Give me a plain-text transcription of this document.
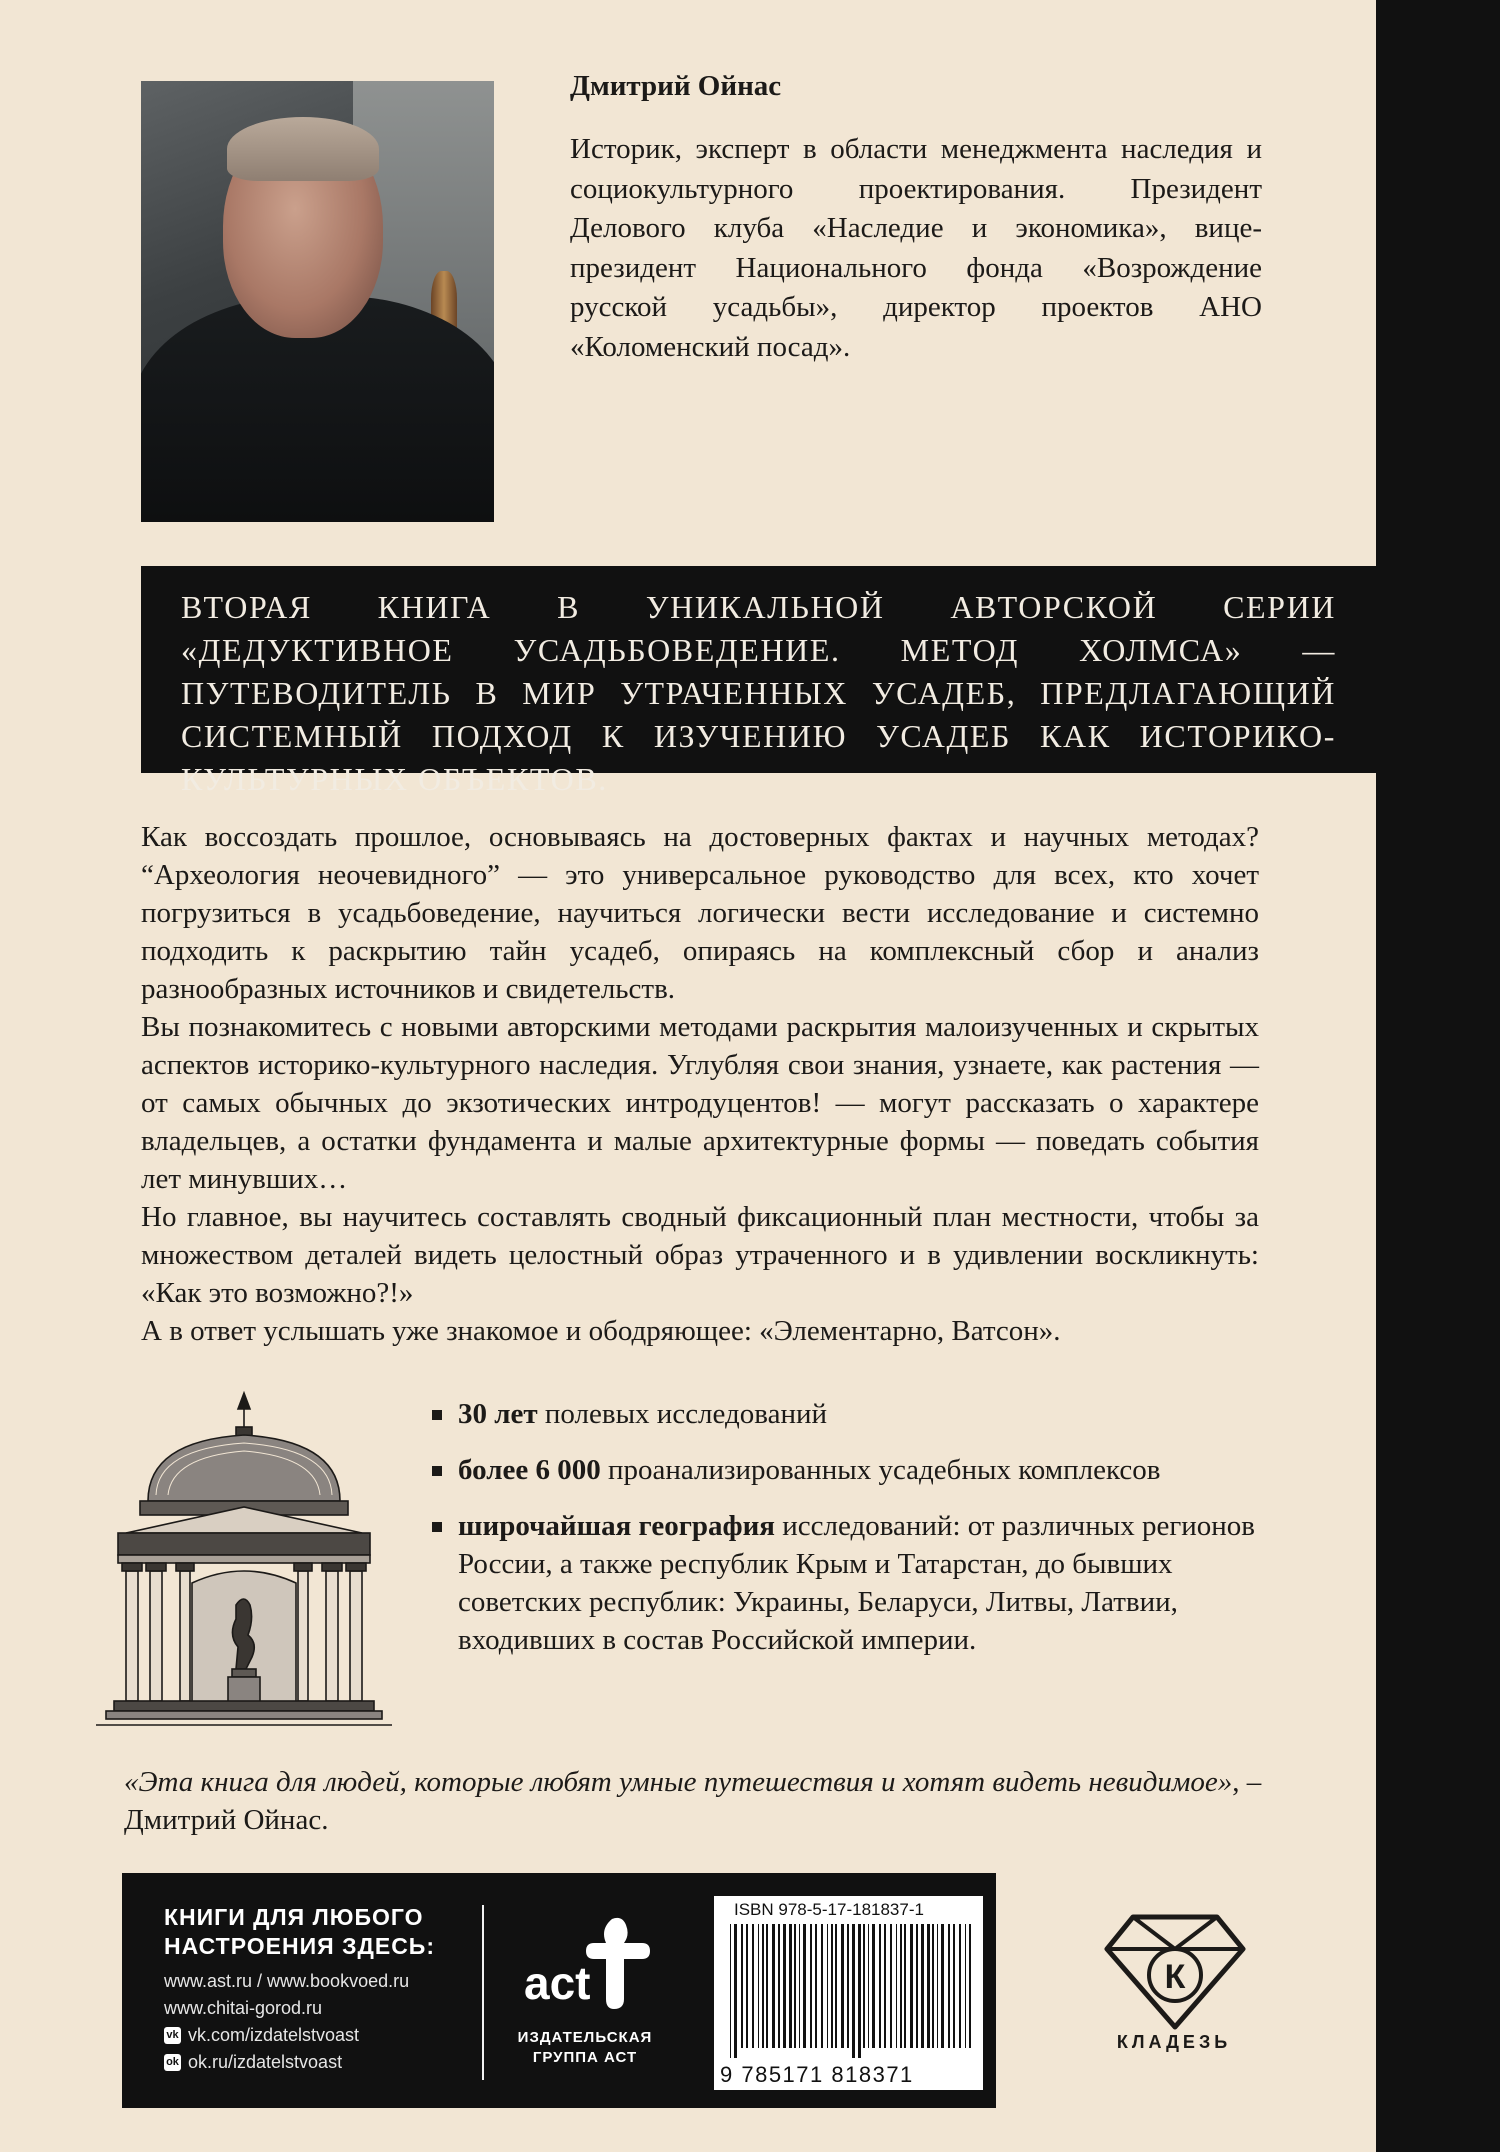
Дмитрий Ойнас
Историк, эксперт в области менеджмента наследия и социокультурного проектирования. Президент Делового клуба «Наследие и экономика», вице-президент Национального фонда «Возрождение русской усадьбы», директор проектов АНО «Коломенский посад».
ВТОРАЯ КНИГА В УНИКАЛЬНОЙ АВТОРСКОЙ СЕРИИ «ДЕДУКТИВНОЕ УСАДЬБОВЕДЕНИЕ. МЕТОД ХОЛМСА» — ПУТЕВОДИТЕЛЬ В МИР УТРАЧЕННЫХ УСАДЕБ, ПРЕДЛАГАЮЩИЙ СИСТЕМНЫЙ ПОДХОД К ИЗУЧЕНИЮ УСАДЕБ КАК ИСТОРИКО-КУЛЬТУРНЫХ ОБЪЕКТОВ.

Как воссоздать прошлое, основываясь на достоверных фактах и научных методах? “Археология неочевидного” — это универсальное руководство для всех, кто хочет погрузиться в усадьбоведение, научиться логически вести исследование и системно подходить к раскрытию тайн усадеб, опираясь на комплексный сбор и анализ разнообразных источников и свидетельств.

Вы познакомитесь с новыми авторскими методами раскрытия малоизученных и скрытых аспектов историко-культурного наследия. Углубляя свои знания, узнаете, как растения — от самых обычных до экзотических интродуцентов! — могут рассказать о характере владельцев, а остатки фундамента и малые архитектурные формы — поведать события лет минувших…

Но главное, вы научитесь составлять сводный фиксационный план местности, чтобы за множеством деталей видеть целостный образ утраченного и в удивлении воскликнуть: «Как это возможно?!»

А в ответ услышать уже знакомое и ободряющее: «Элементарно, Ватсон».

30 лет полевых исследований
более 6 000 проанализированных усадебных комплексов
широчайшая география исследований: от различных регионов России, а также республик Крым и Татарстан, до бывших советских республик: Украины, Беларуси, Литвы, Латвии, входивших в состав Российской империи.
«Эта книга для людей, которые любят умные путешествия и хотят видеть невидимое», – Дмитрий Ойнас.
КНИГИ ДЛЯ ЛЮБОГО
НАСТРОЕНИЯ ЗДЕСЬ:
www.ast.ru / www.bookvoed.ru
www.chitai-gorod.ru
vk vk.com/izdatelstvoast
ok ok.ru/izdatelstvoast
act
ИЗДАТЕЛЬСКАЯ
ГРУППА АСТ
ISBN 978-5-17-181837-1
9 785171 818371
К
КЛАДЕЗЬ
